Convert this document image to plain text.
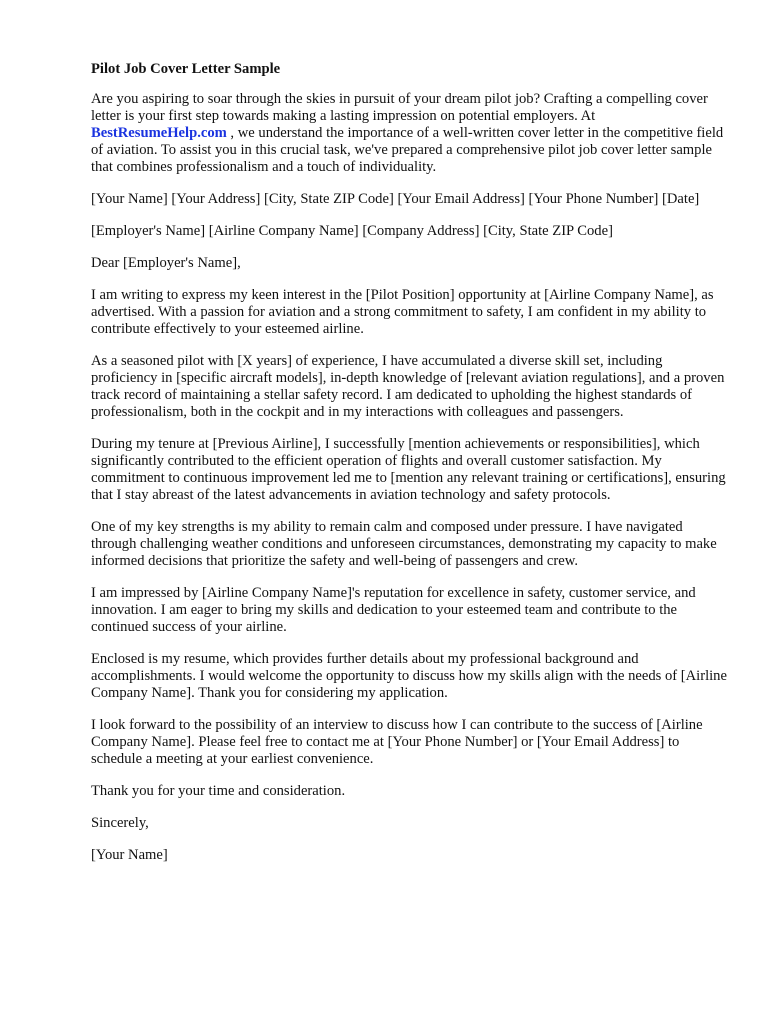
Pilot Job Cover Letter Sample
Are you aspiring to soar through the skies in pursuit of your dream pilot job? Crafting a compelling cover letter is your first step towards making a lasting impression on potential employers. At BestResumeHelp.com , we understand the importance of a well-written cover letter in the competitive field of aviation. To assist you in this crucial task, we've prepared a comprehensive pilot job cover letter sample that combines professionalism and a touch of individuality.
[Your Name] [Your Address] [City, State ZIP Code] [Your Email Address] [Your Phone Number] [Date]
[Employer's Name] [Airline Company Name] [Company Address] [City, State ZIP Code]
Dear [Employer's Name],
I am writing to express my keen interest in the [Pilot Position] opportunity at [Airline Company Name], as advertised. With a passion for aviation and a strong commitment to safety, I am confident in my ability to contribute effectively to your esteemed airline.
As a seasoned pilot with [X years] of experience, I have accumulated a diverse skill set, including proficiency in [specific aircraft models], in-depth knowledge of [relevant aviation regulations], and a proven track record of maintaining a stellar safety record. I am dedicated to upholding the highest standards of professionalism, both in the cockpit and in my interactions with colleagues and passengers.
During my tenure at [Previous Airline], I successfully [mention achievements or responsibilities], which significantly contributed to the efficient operation of flights and overall customer satisfaction. My commitment to continuous improvement led me to [mention any relevant training or certifications], ensuring that I stay abreast of the latest advancements in aviation technology and safety protocols.
One of my key strengths is my ability to remain calm and composed under pressure. I have navigated through challenging weather conditions and unforeseen circumstances, demonstrating my capacity to make informed decisions that prioritize the safety and well-being of passengers and crew.
I am impressed by [Airline Company Name]'s reputation for excellence in safety, customer service, and innovation. I am eager to bring my skills and dedication to your esteemed team and contribute to the continued success of your airline.
Enclosed is my resume, which provides further details about my professional background and accomplishments. I would welcome the opportunity to discuss how my skills align with the needs of [Airline Company Name]. Thank you for considering my application.
I look forward to the possibility of an interview to discuss how I can contribute to the success of [Airline Company Name]. Please feel free to contact me at [Your Phone Number] or [Your Email Address] to schedule a meeting at your earliest convenience.
Thank you for your time and consideration.
Sincerely,
[Your Name]
